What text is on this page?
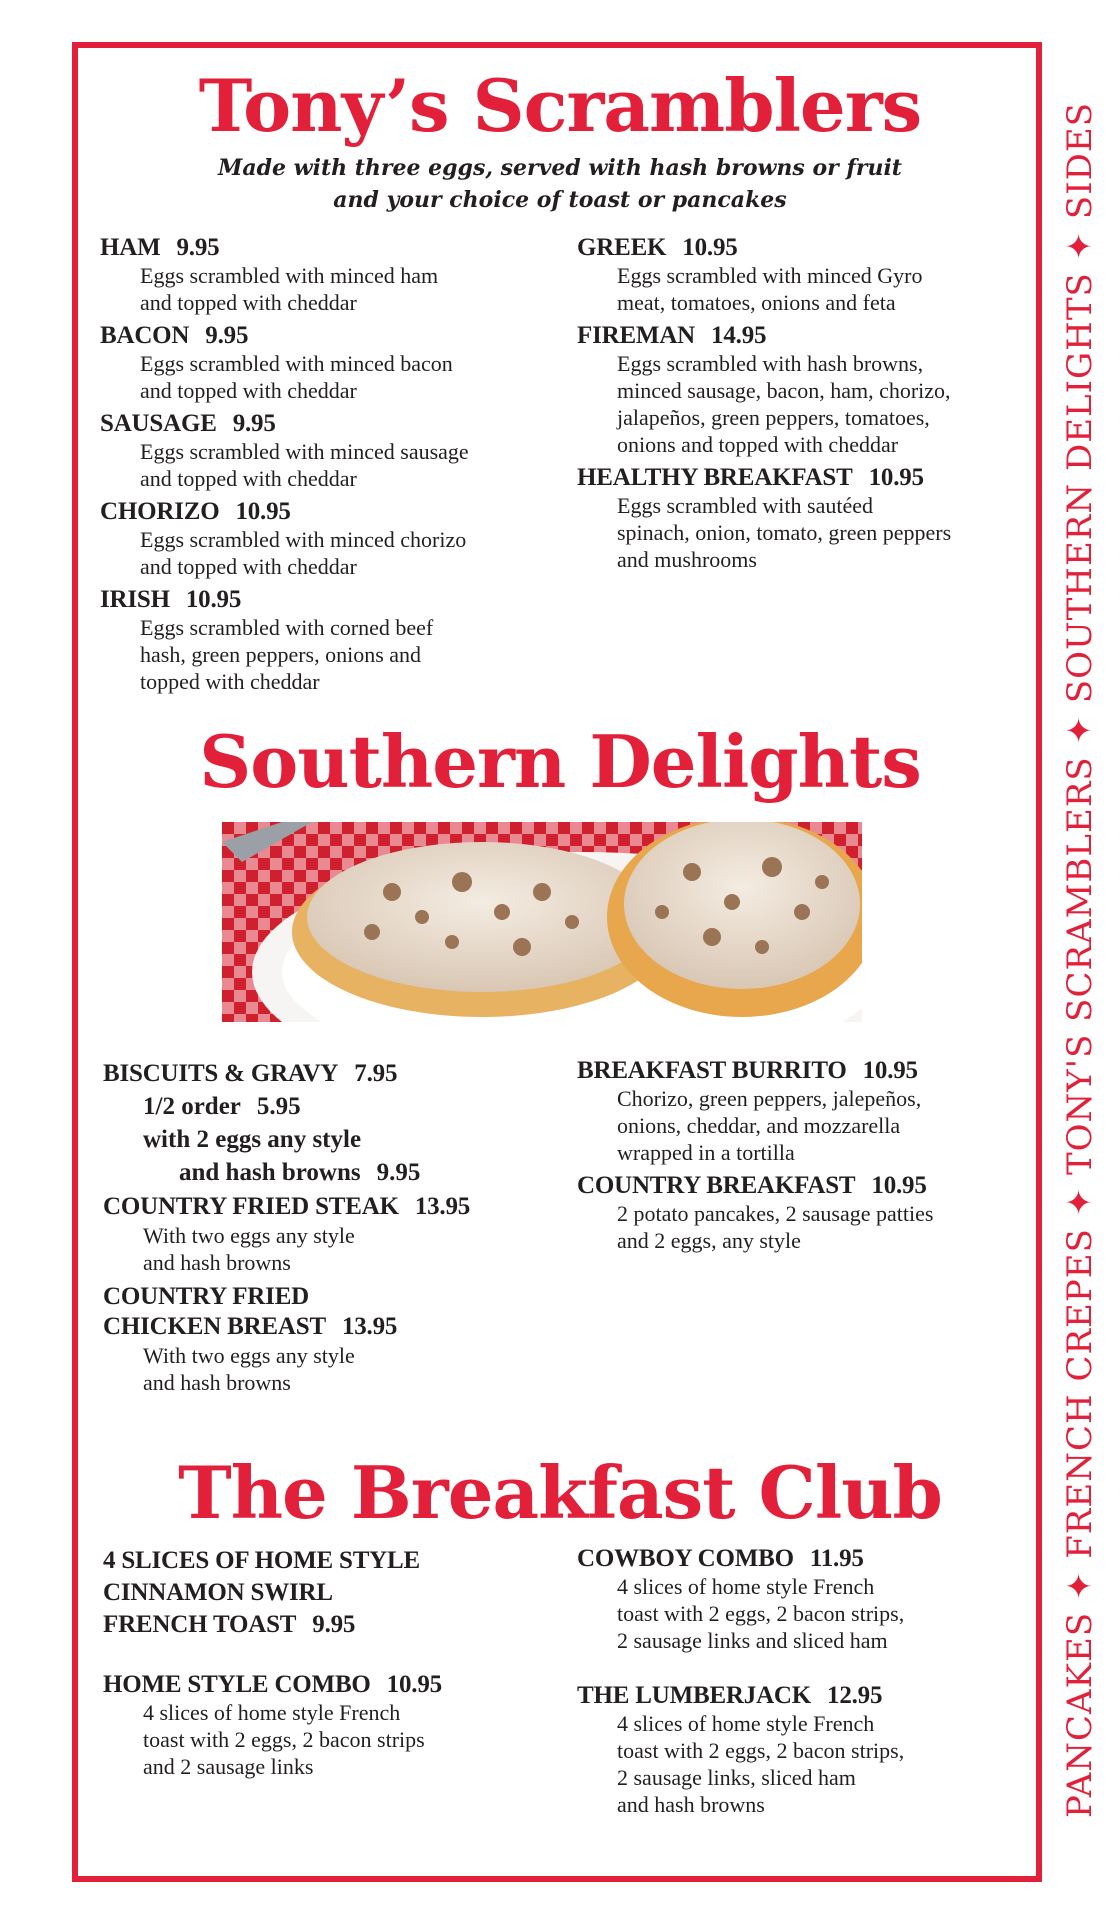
PANCAKES ✦ FRENCH CREPES ✦ TONY'S SCRAMBLERS ✦ SOUTHERN DELIGHTS ✦ SIDES
Tony’s Scramblers
Made with three eggs, served with hash browns or fruit
and your choice of toast or pancakes
HAM 9.95
Eggs scrambled with minced ham
and topped with cheddar
BACON 9.95
Eggs scrambled with minced bacon
and topped with cheddar
SAUSAGE 9.95
Eggs scrambled with minced sausage
and topped with cheddar
CHORIZO 10.95
Eggs scrambled with minced chorizo
and topped with cheddar
IRISH 10.95
Eggs scrambled with corned beef
hash, green peppers, onions and
topped with cheddar
GREEK 10.95
Eggs scrambled with minced Gyro
meat, tomatoes, onions and feta
FIREMAN 14.95
Eggs scrambled with hash browns,
minced sausage, bacon, ham, chorizo,
jalapeños, green peppers, tomatoes,
onions and topped with cheddar
HEALTHY BREAKFAST 10.95
Eggs scrambled with sautéed
spinach, onion, tomato, green peppers
and mushrooms
Southern Delights
BISCUITS & GRAVY 7.95
1/2 order 5.95
with 2 eggs any style
and hash browns 9.95
COUNTRY FRIED STEAK 13.95
With two eggs any style
and hash browns
COUNTRY FRIED
CHICKEN BREAST 13.95
With two eggs any style
and hash browns
BREAKFAST BURRITO 10.95
Chorizo, green peppers, jalepeños,
onions, cheddar, and mozzarella
wrapped in a tortilla
COUNTRY BREAKFAST 10.95
2 potato pancakes, 2 sausage patties
and 2 eggs, any style
The Breakfast Club
4 SLICES OF HOME STYLE
CINNAMON SWIRL
FRENCH TOAST 9.95
HOME STYLE COMBO 10.95
4 slices of home style French
toast with 2 eggs, 2 bacon strips
and 2 sausage links
COWBOY COMBO 11.95
4 slices of home style French
toast with 2 eggs, 2 bacon strips,
2 sausage links and sliced ham
THE LUMBERJACK 12.95
4 slices of home style French
toast with 2 eggs, 2 bacon strips,
2 sausage links, sliced ham
and hash browns
